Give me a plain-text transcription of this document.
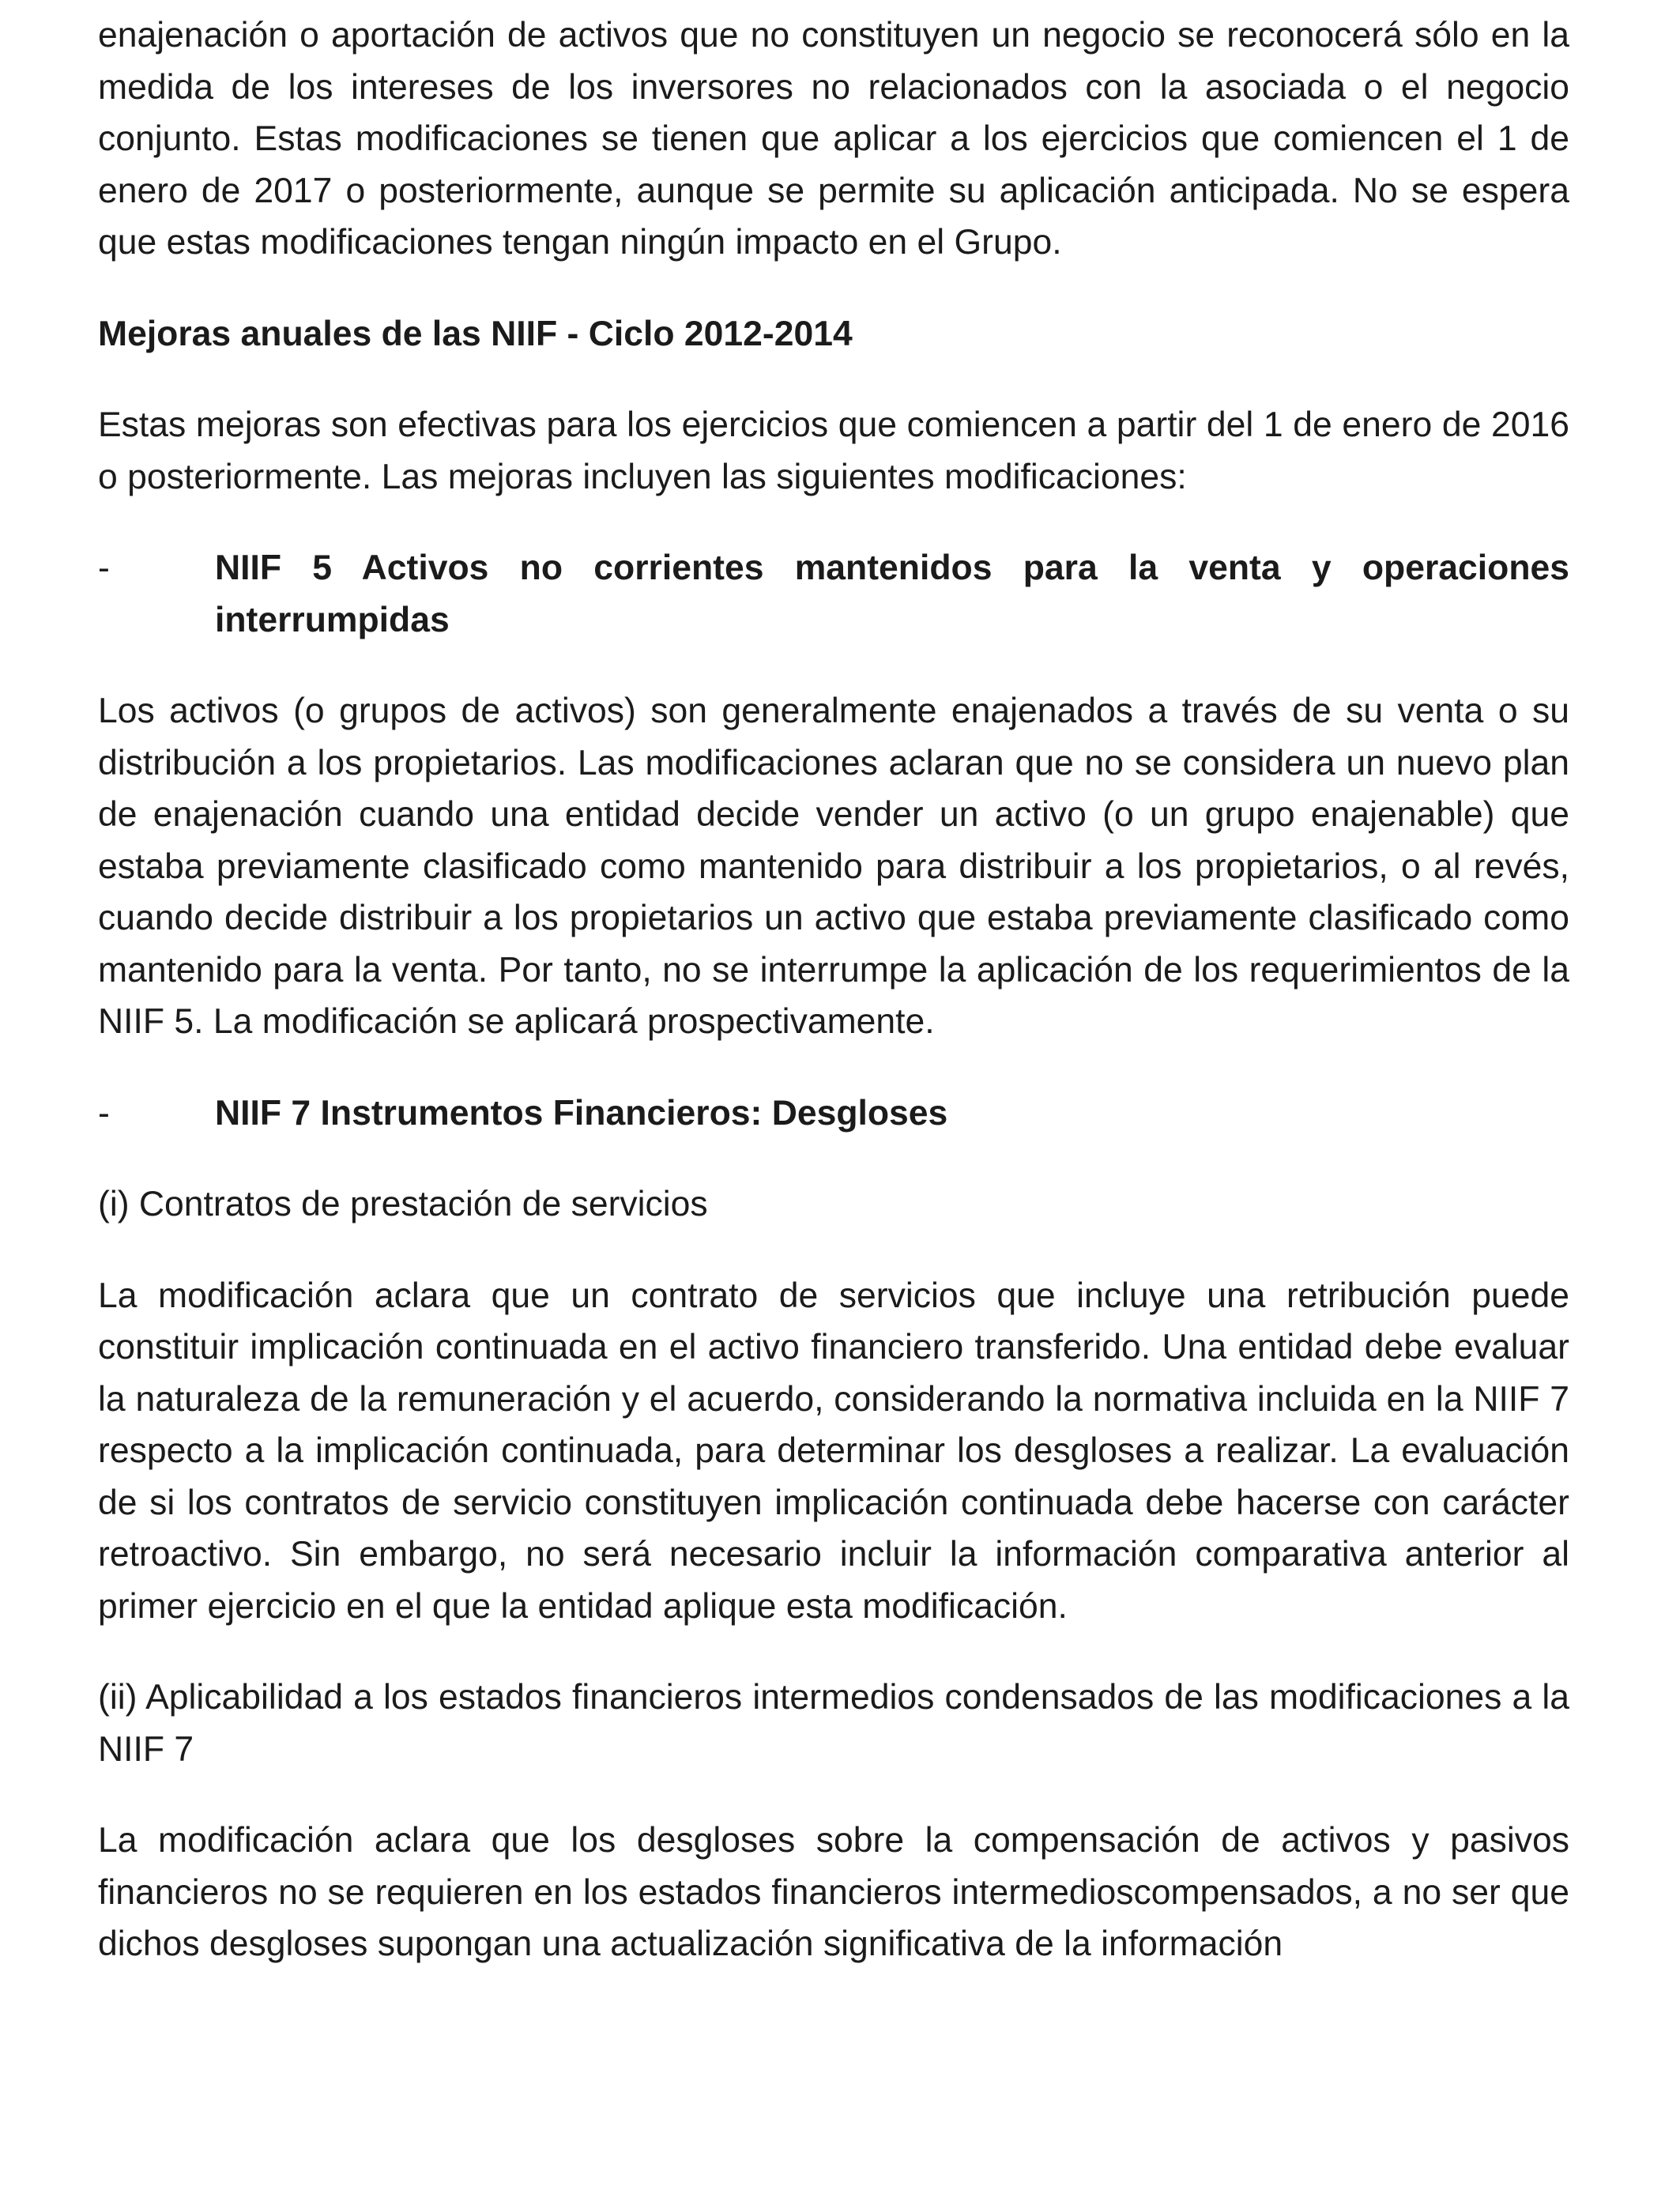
enajenación o aportación de activos que no constituyen un negocio se reconocerá sólo en la medida de los intereses de los inversores no relacionados con la asociada o el negocio conjunto. Estas modificaciones se tienen que aplicar a los ejercicios que comiencen el 1 de enero de 2017 o posteriormente, aunque se permite su aplicación anticipada. No se espera que estas modificaciones tengan ningún impacto en el Grupo.

Mejoras anuales de las NIIF - Ciclo 2012-2014

Estas mejoras son efectivas para los ejercicios que comiencen a partir del 1 de enero de 2016 o posteriormente. Las mejoras incluyen las siguientes modificaciones:

-	NIIF 5 Activos no corrientes mantenidos para la venta y operaciones interrumpidas

Los activos (o grupos de activos) son generalmente enajenados a través de su venta o su distribución a los propietarios. Las modificaciones aclaran que no se considera un nuevo plan de enajenación cuando una entidad decide vender un activo (o un grupo enajenable) que estaba previamente clasificado como mantenido para distribuir a los propietarios, o al revés, cuando decide distribuir a los propietarios un activo que estaba previamente clasificado como mantenido para la venta. Por tanto, no se interrumpe la aplicación de los requerimientos de la NIIF 5. La modificación se aplicará prospectivamente.

-	NIIF 7 Instrumentos Financieros: Desgloses

(i) Contratos de prestación de servicios

La modificación aclara que un contrato de servicios que incluye una retribución puede constituir implicación continuada en el activo financiero transferido. Una entidad debe evaluar la naturaleza de la remuneración y el acuerdo, considerando la normativa incluida en la NIIF 7 respecto a la implicación continuada, para determinar los desgloses a realizar. La evaluación de si los contratos de servicio constituyen implicación continuada debe hacerse con carácter retroactivo. Sin embargo, no será necesario incluir la información comparativa anterior al primer ejercicio en el que la entidad aplique esta modificación.

(ii) Aplicabilidad a los estados financieros intermedios condensados de las modificaciones a la NIIF 7

La modificación aclara que los desgloses sobre la compensación de activos y pasivos financieros no se requieren en los estados financieros intermedioscompensados, a no ser que dichos desgloses supongan una actualización significativa de la información
